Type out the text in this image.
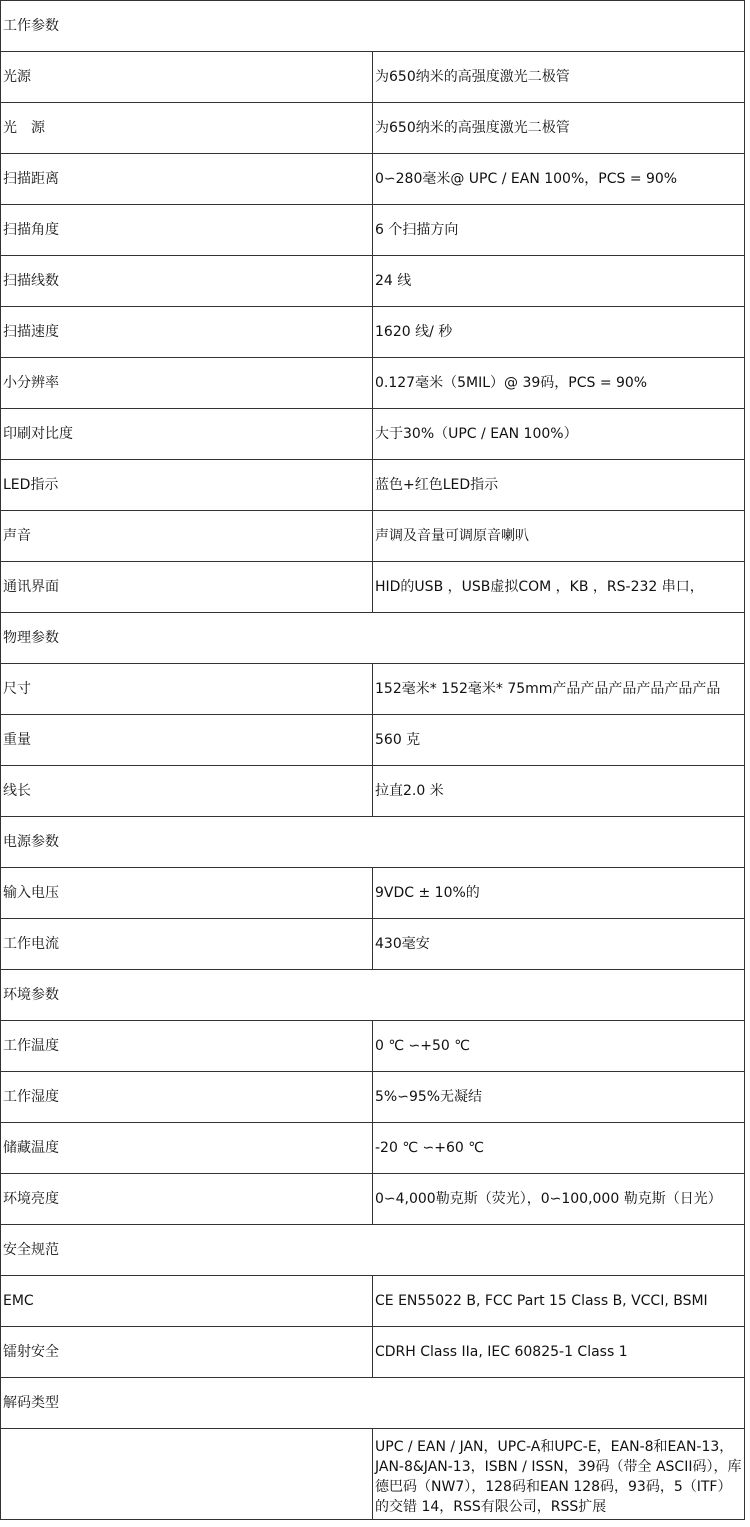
工作参数	
光源	为650纳米的高强度激光二极管
光　源	为650纳米的高强度激光二极管
扫描距离	0∽280毫米@ UPC / EAN 100%，PCS = 90%
扫描角度	6 个扫描方向
扫描线数	24 线
扫描速度	1620 线/ 秒
小分辨率	0.127毫米（5MIL）@ 39码，PCS = 90%
印刷对比度	大于30%（UPC / EAN 100%）
LED指示	蓝色+红色LED指示
声音	声调及音量可调原音喇叭
通讯界面	HID的USB ，USB虚拟COM ，KB ，RS-232 串口，
物理参数	
尺寸	152毫米* 152毫米* 75mm产品产品产品产品产品产品
重量	560 克
线长	拉直2.0 米
电源参数	
输入电压	9VDC ± 10%的
工作电流	430毫安
环境参数	
工作温度	0 ℃ ∽+50 ℃
工作湿度	5%∽95%无凝结
储藏温度	-20 ℃ ∽+60 ℃
环境亮度	0∽4,000勒克斯（荧光），0∽100,000 勒克斯（日光）
安全规范	
EMC	CE EN55022 B, FCC Part 15 Class B, VCCI, BSMI
镭射安全	CDRH Class IIa, IEC 60825-1 Class 1
解码类型	
	UPC / EAN / JAN，UPC-A和UPC-E，EAN-8和EAN-13，JAN-8&JAN-13，ISBN / ISSN，39码（带全 ASCII码），库德巴码（NW7），128码和EAN 128码，93码，5（ITF）的交错 14，RSS有限公司，RSS扩展
